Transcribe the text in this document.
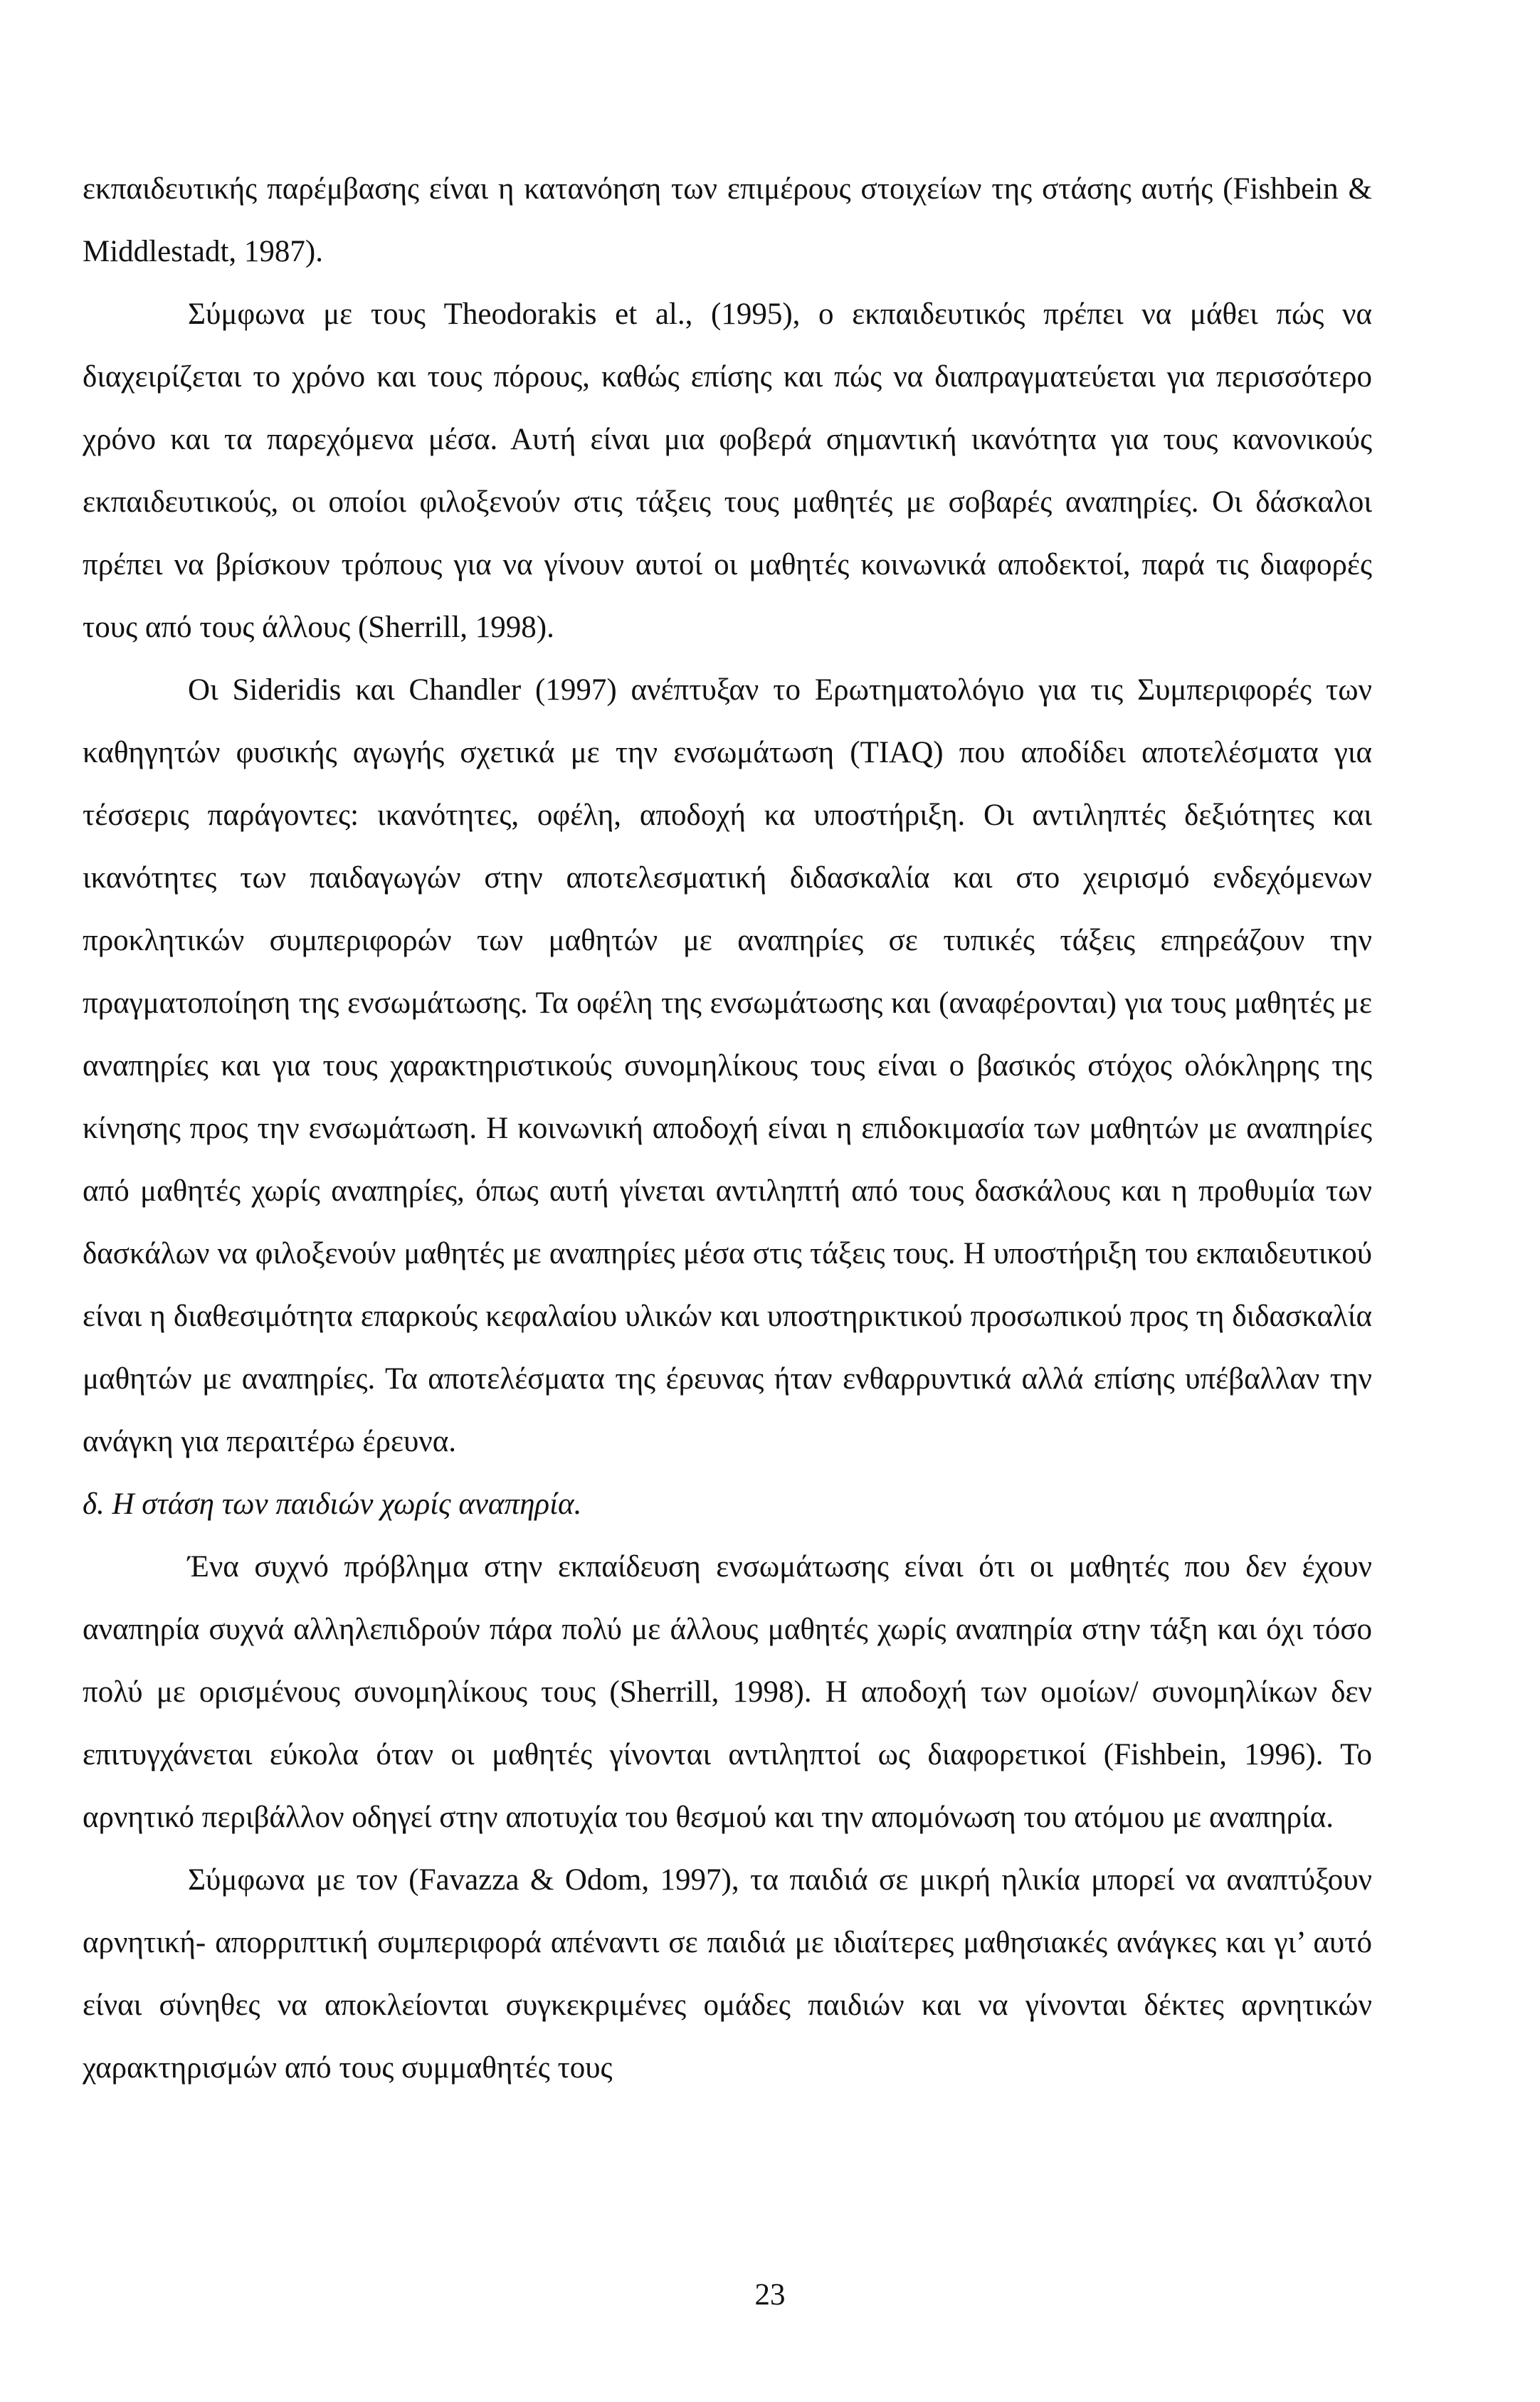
εκπαιδευτικής παρέμβασης είναι η κατανόηση των επιμέρους στοιχείων της στάσης αυτής (Fishbein & Middlestadt, 1987).

Σύμφωνα με τους Theodorakis et al., (1995), ο εκπαιδευτικός πρέπει να μάθει πώς να διαχειρίζεται το χρόνο και τους πόρους, καθώς επίσης και πώς να διαπραγματεύεται για περισσότερο χρόνο και τα παρεχόμενα μέσα. Αυτή είναι μια φοβερά σημαντική ικανότητα για τους κανονικούς εκπαιδευτικούς, οι οποίοι φιλοξενούν στις τάξεις τους μαθητές με σοβαρές αναπηρίες. Οι δάσκαλοι πρέπει να βρίσκουν τρόπους για να γίνουν αυτοί οι μαθητές κοινωνικά αποδεκτοί, παρά τις διαφορές τους από τους άλλους (Sherrill, 1998).

Οι Sideridis και Chandler (1997) ανέπτυξαν το Ερωτηματολόγιο για τις Συμπεριφορές των καθηγητών φυσικής αγωγής σχετικά με την ενσωμάτωση (TIAQ) που αποδίδει αποτελέσματα για τέσσερις παράγοντες: ικανότητες, οφέλη, αποδοχή κα υποστήριξη. Οι αντιληπτές δεξιότητες και ικανότητες των παιδαγωγών στην αποτελεσματική διδασκαλία και στο χειρισμό ενδεχόμενων προκλητικών συμπεριφορών των μαθητών με αναπηρίες σε τυπικές τάξεις επηρεάζουν την πραγματοποίηση της ενσωμάτωσης. Τα οφέλη της ενσωμάτωσης και (αναφέρονται) για τους μαθητές με αναπηρίες και για τους χαρακτηριστικούς συνομηλίκους τους είναι ο βασικός στόχος ολόκληρης της κίνησης προς την ενσωμάτωση. Η κοινωνική αποδοχή είναι η επιδοκιμασία των μαθητών με αναπηρίες από μαθητές χωρίς αναπηρίες, όπως αυτή γίνεται αντιληπτή από τους δασκάλους και η προθυμία των δασκάλων να φιλοξενούν μαθητές με αναπηρίες μέσα στις τάξεις τους. Η υποστήριξη του εκπαιδευτικού είναι η διαθεσιμότητα επαρκούς κεφαλαίου υλικών και υποστηρικτικού προσωπικού προς τη διδασκαλία μαθητών με αναπηρίες. Τα αποτελέσματα της έρευνας ήταν ενθαρρυντικά αλλά επίσης υπέβαλλαν την ανάγκη για περαιτέρω έρευνα.

δ. Η στάση των παιδιών χωρίς αναπηρία.

Ένα συχνό πρόβλημα στην εκπαίδευση ενσωμάτωσης είναι ότι οι μαθητές που δεν έχουν αναπηρία συχνά αλληλεπιδρούν πάρα πολύ με άλλους μαθητές χωρίς αναπηρία στην τάξη και όχι τόσο πολύ με ορισμένους συνομηλίκους τους (Sherrill, 1998). Η αποδοχή των ομοίων/ συνομηλίκων δεν επιτυγχάνεται εύκολα όταν οι μαθητές γίνονται αντιληπτοί ως διαφορετικοί (Fishbein, 1996). Το αρνητικό περιβάλλον οδηγεί στην αποτυχία του θεσμού και την απομόνωση του ατόμου με αναπηρία.

Σύμφωνα με τον (Favazza & Odom, 1997), τα παιδιά σε μικρή ηλικία μπορεί να αναπτύξουν αρνητική- απορριπτική συμπεριφορά απέναντι σε παιδιά με ιδιαίτερες μαθησιακές ανάγκες και γι’ αυτό είναι σύνηθες να αποκλείονται συγκεκριμένες ομάδες παιδιών και να γίνονται δέκτες αρνητικών χαρακτηρισμών από τους συμμαθητές τους

23
